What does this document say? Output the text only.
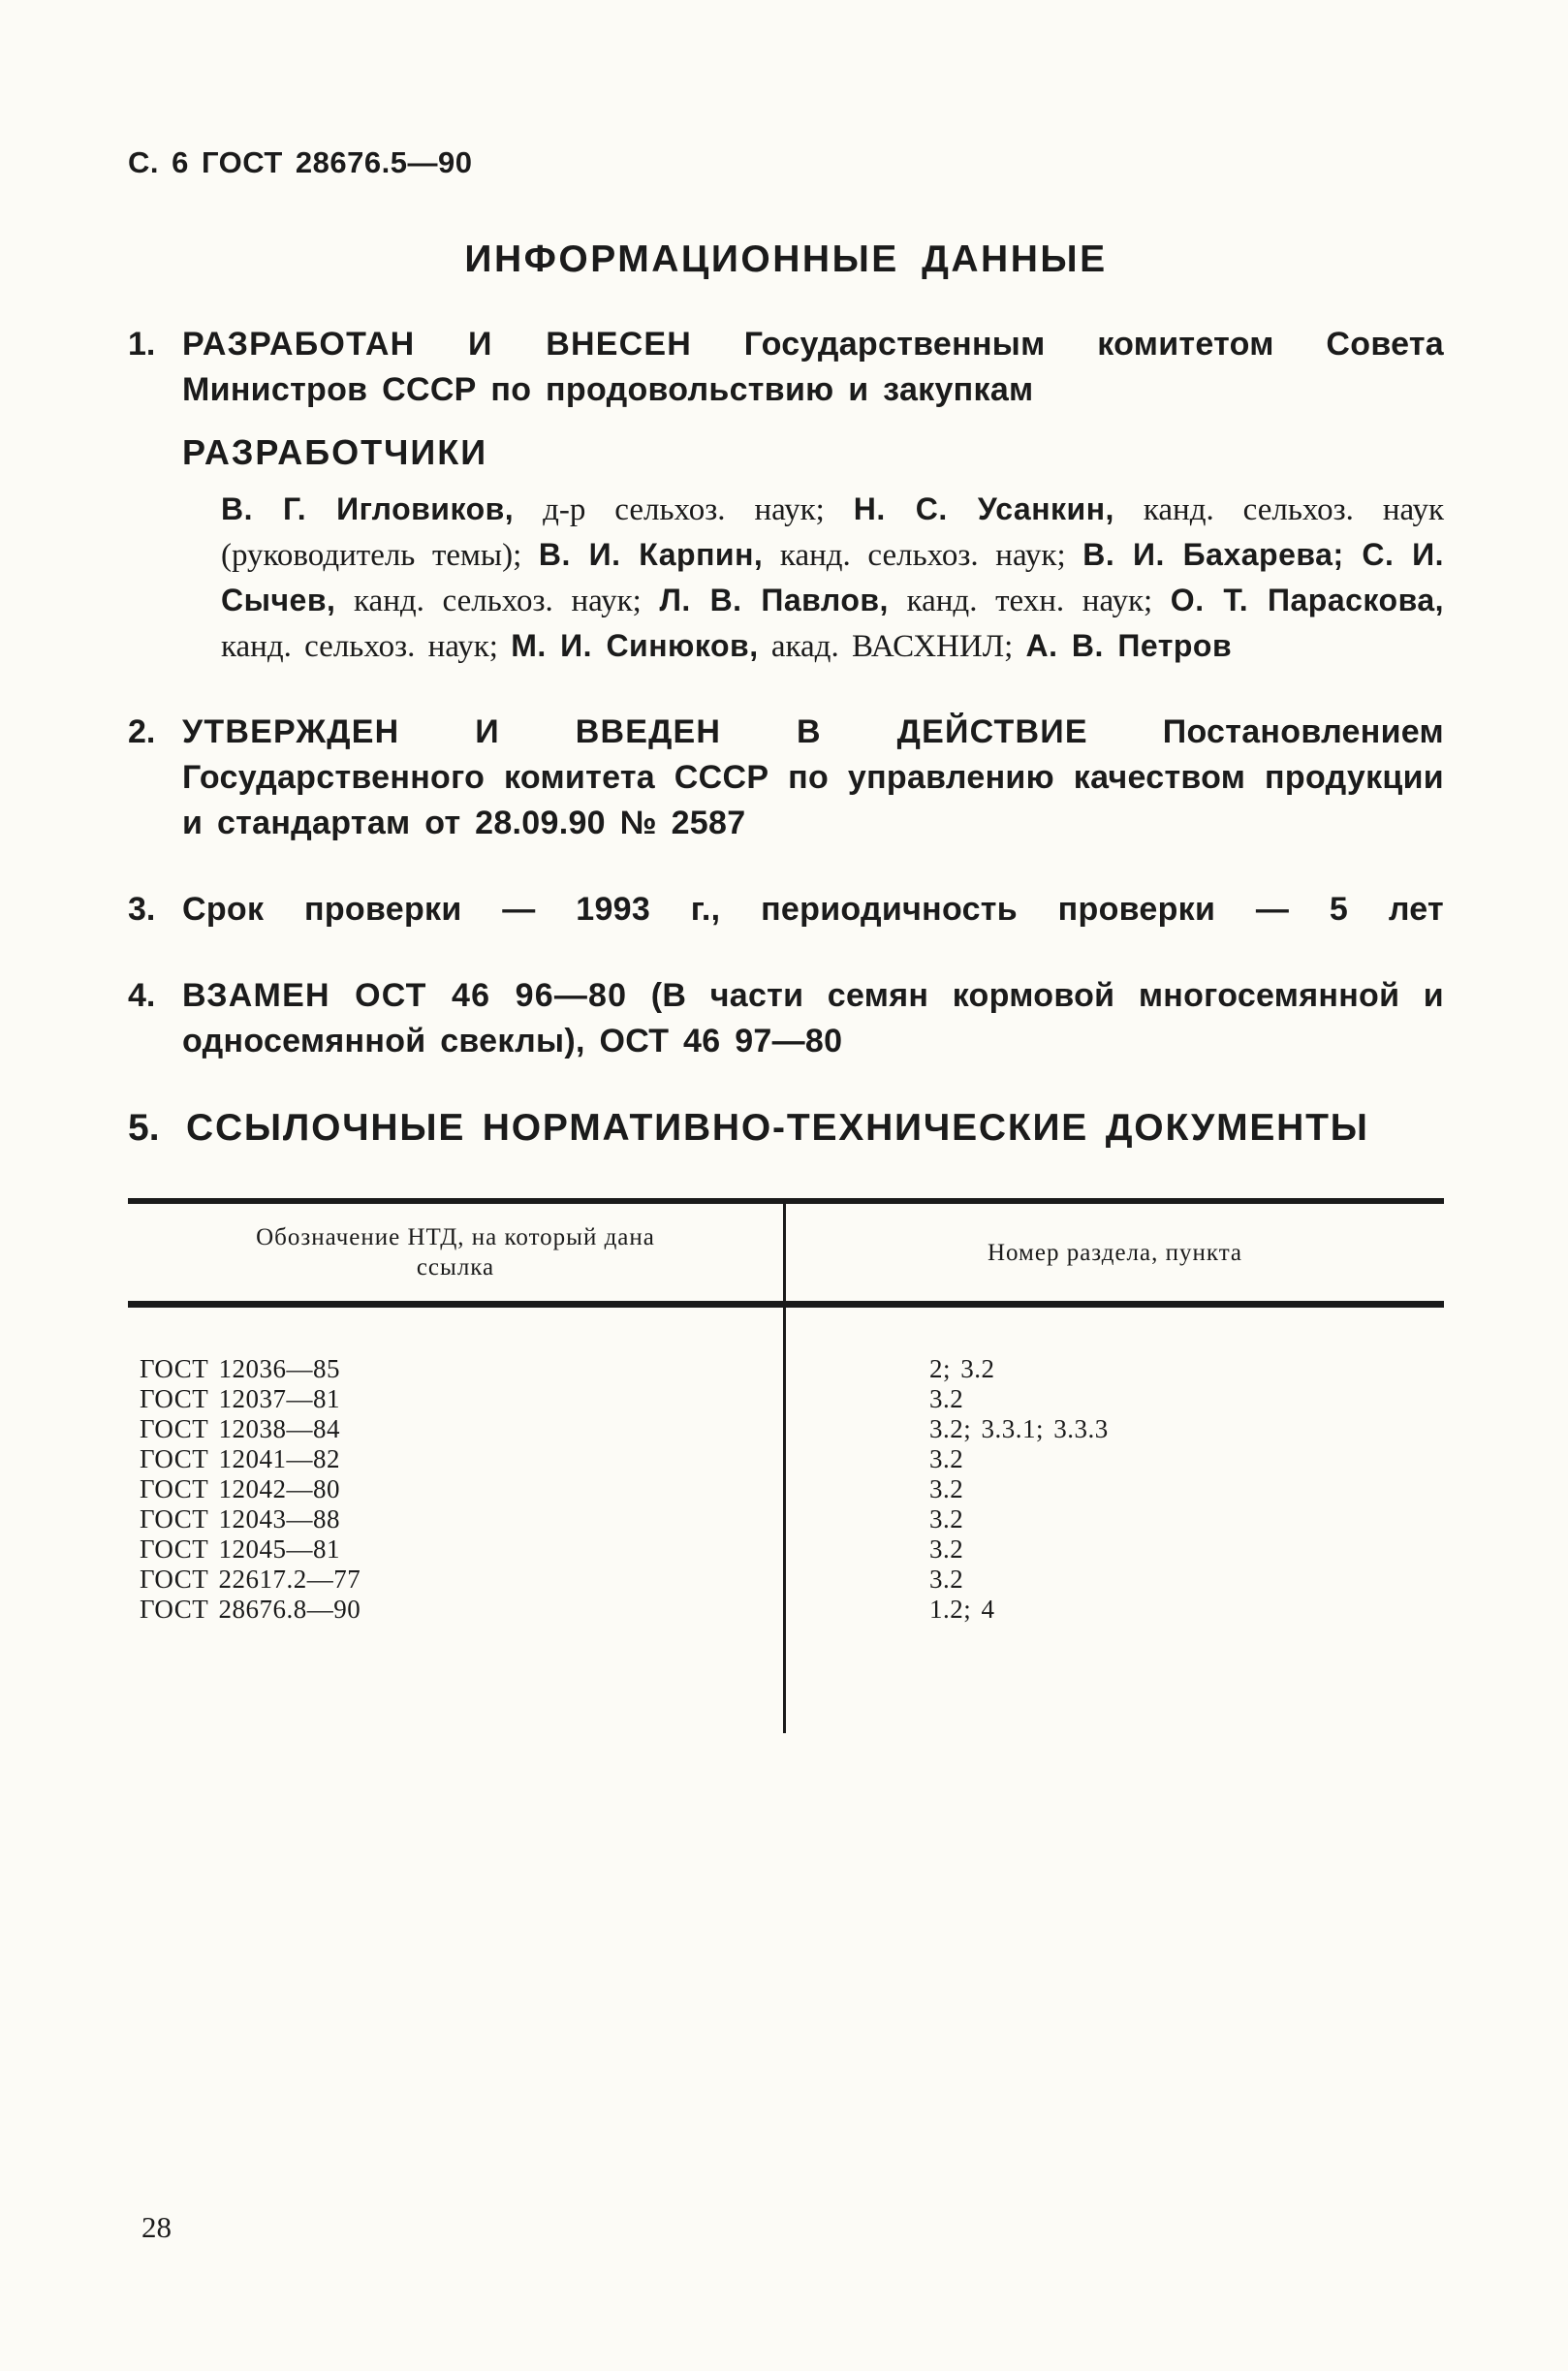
С. 6 ГОСТ 28676.5—90
ИНФОРМАЦИОННЫЕ ДАННЫЕ
1. РАЗРАБОТАН И ВНЕСЕН Государственным комитетом Совета Министров СССР по продовольствию и закупкам
РАЗРАБОТЧИКИ

В. Г. Игловиков, д-р сельхоз. наук; Н. С. Усанкин, канд. сельхоз. наук (руководитель темы); В. И. Карпин, канд. сельхоз. наук; В. И. Бахарева; С. И. Сычев, канд. сельхоз. наук; Л. В. Павлов, канд. техн. наук; О. Т. Параскова, канд. сельхоз. наук; М. И. Синюков, акад. ВАСХНИЛ; А. В. Петров

2. УТВЕРЖДЕН И ВВЕДЕН В ДЕЙСТВИЕ Постановлением Государственного комитета СССР по управлению качеством продукции и стандартам от 28.09.90 № 2587
3. Срок проверки — 1993 г., периодичность проверки — 5 лет
4. ВЗАМЕН ОСТ 46 96—80 (В части семян кормовой многосемянной и односемянной свеклы), ОСТ 46 97—80
5. ССЫЛОЧНЫЕ НОРМАТИВНО-ТЕХНИЧЕСКИЕ ДОКУМЕНТЫ
Обозначение НТД, на который дана ссылка
Номер раздела, пункта
ГОСТ 12036—85
ГОСТ 12037—81
ГОСТ 12038—84
ГОСТ 12041—82
ГОСТ 12042—80
ГОСТ 12043—88
ГОСТ 12045—81
ГОСТ 22617.2—77
ГОСТ 28676.8—90
2; 3.2
3.2
3.2; 3.3.1; 3.3.3
3.2
3.2
3.2
3.2
3.2
1.2; 4
28
